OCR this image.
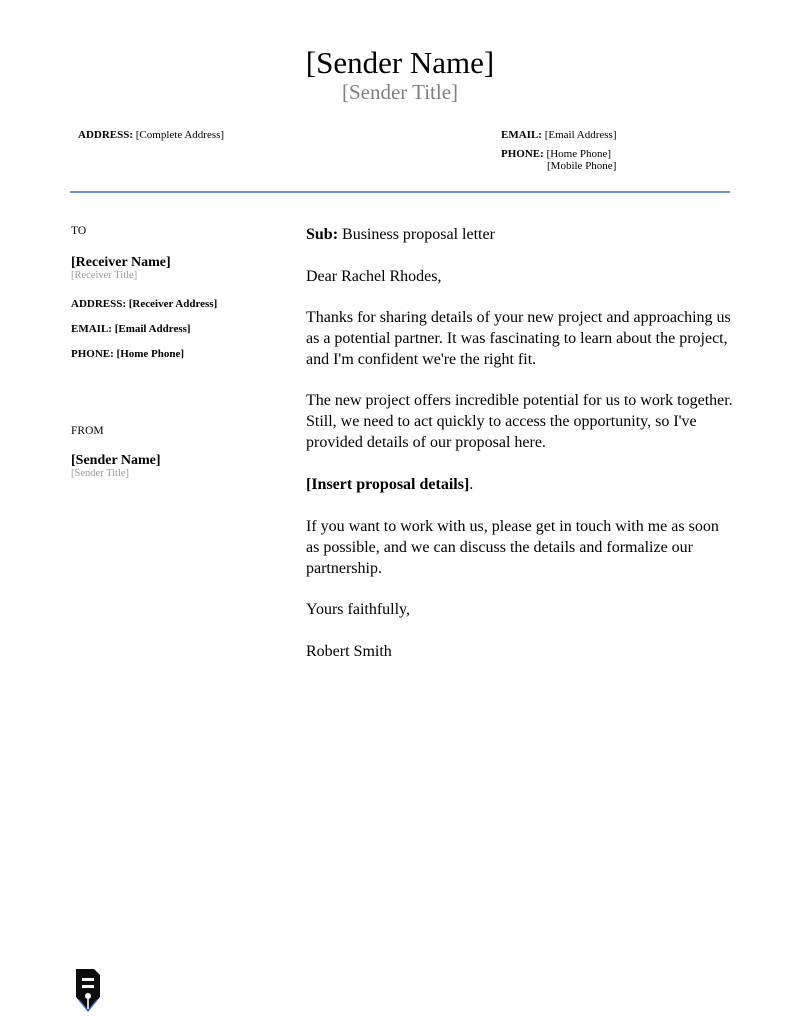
[Sender Name]
[Sender Title]
ADDRESS: [Complete Address]	EMAIL: [Email Address]
PHONE: [Home Phone]
[Mobile Phone]
TO
[Receiver Name]
[Receiver Title]
ADDRESS: [Receiver Address]
EMAIL: [Email Address]
PHONE: [Home Phone]
FROM
[Sender Name]
[Sender Title]

Sub: Business proposal letter

Dear Rachel Rhodes,

Thanks for sharing details of your new project and approaching us as a potential partner. It was fascinating to learn about the project, and I'm confident we're the right fit.

The new project offers incredible potential for us to work together. Still, we need to act quickly to access the opportunity, so I've provided details of our proposal here.

[Insert proposal details].

If you want to work with us, please get in touch with me as soon as possible, and we can discuss the details and formalize our partnership.

Yours faithfully,

Robert Smith
